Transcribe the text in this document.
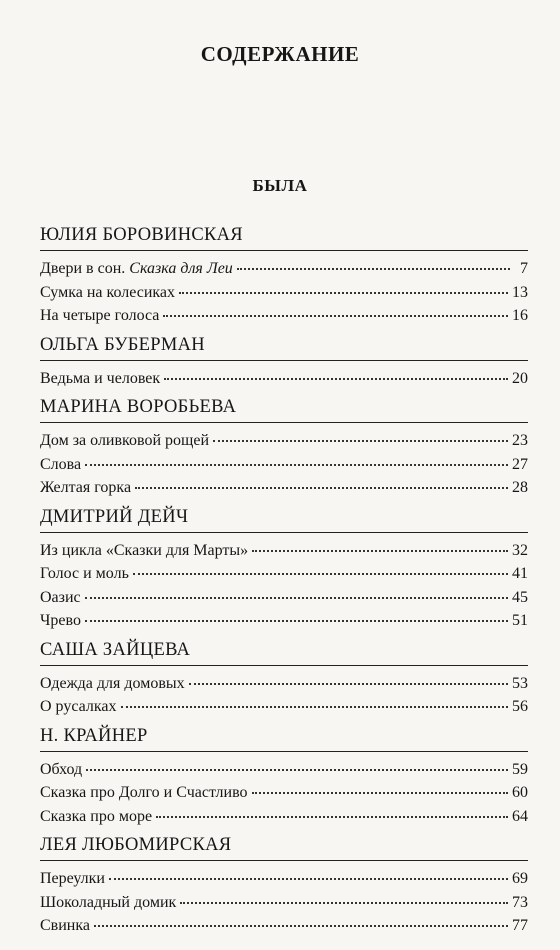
СОДЕРЖАНИЕ
БЫЛА
ЮЛИЯ БОРОВИНСКАЯ
Двери в сон. Сказка для Леи	7
Сумка на колесиках	13
На четыре голоса	16
ОЛЬГА БУБЕРМАН
Ведьма и человек	20
МАРИНА ВОРОБЬЕВА
Дом за оливковой рощей	23
Слова	27
Желтая горка	28
ДМИТРИЙ ДЕЙЧ
Из цикла «Сказки для Марты»	32
Голос и моль	41
Оазис	45
Чрево	51
САША ЗАЙЦЕВА
Одежда для домовых	53
О русалках	56
Н. КРАЙНЕР
Обход	59
Сказка про Долго и Счастливо	60
Сказка про море	64
ЛЕЯ ЛЮБОМИРСКАЯ
Переулки	69
Шоколадный домик	73
Свинка	77
